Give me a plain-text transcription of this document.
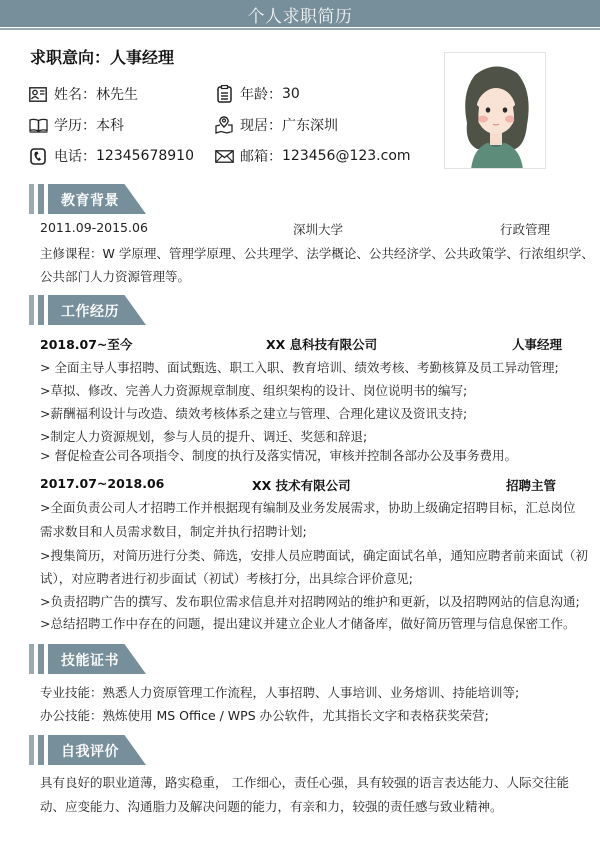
个人求职简历
求职意向：人事经理
姓名： 林先生	年龄： 30
学历： 本科	现居： 广东深圳
电话： 12345678910	邮箱： 123456@123.com
教育背景
2011.09-2015.06	深圳大学	行政管理
主修课程：W 学原理、管理学原理、公共理学、法学概论、公共经济学、公共政策学、行浓组织学、
公共部门人力资源管理等。
工作经历
2018.07~至今	XX 息科技有限公司	人事经理
> 全面主导人事招聘、面试甄选、职工入职、教育培训、绩效考核、考勤核算及员工异动管理;
>草拟、修改、完善人力资源规章制度、组织架构的设计、岗位说明书的编写;
>薪酬福利设计与改造、绩效考核体系之建立与管理、合理化建议及资讯支持;
>制定人力资源规划，参与人员的提升、调迁、奖惩和辞退;
> 督促检查公司各项指令、制度的执行及落实情况，审核并控制各部办公及事务费用。
2017.07~2018.06	XX 技术有限公司	招聘主管
>全面负责公司人才招聘工作并根据现有编制及业务发展需求，协助上级确定招聘目标，汇总岗位
需求数目和人员需求数目，制定并执行招聘计划;
>搜集简历，对简历进行分类、筛选，安排人员应聘面试，确定面试名单，通知应聘者前来面试（初
试），对应聘者进行初步面试（初试）考核打分，出具综合评价意见;
>负责招聘广告的撰写、发布职位需求信息并对招聘网站的维护和更新，以及招聘网站的信息沟通;
>总结招聘工作中存在的问题，提出建议并建立企业人才储备库，做好简历管理与信息保密工作。
技能证书
专业技能：熟悉人力资原管理工作流程，人事招聘、人事培训、业务熔训、持能培训等;
办公技能：熟炼使用 MS Office / WPS 办公软件，尤其指长文字和表格获奖荣营;
自我评价
具有良好的职业道薄，路实稳重， 工作细心，责任心强，具有较强的语言表达能力、人际交往能
动、应变能力、沟通脂力及解决问题的能力，有亲和力，较强的责任感与致业精神。
